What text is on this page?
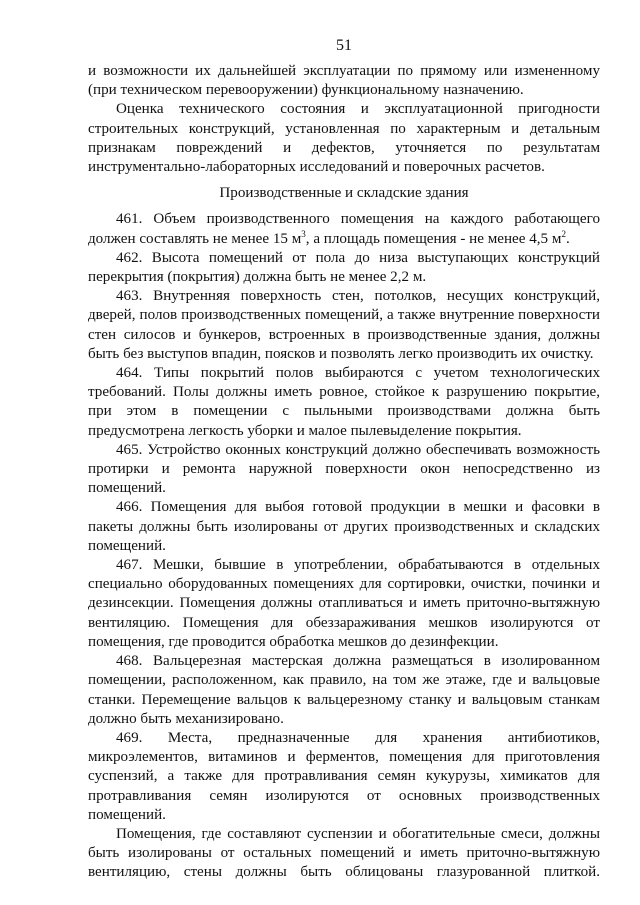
51

и возможности их дальнейшей эксплуатации по прямому или измененному (при техническом перевооружении) функциональному назначению.

Оценка технического состояния и эксплуатационной пригодности строительных конструкций, установленная по характерным и детальным признакам повреждений и дефектов, уточняется по результатам инструментально-лабораторных исследований и поверочных расчетов.

Производственные и складские здания

461. Объем производственного помещения на каждого работающего должен составлять не менее 15 $м^3$, а площадь помещения - не менее 4,5 $м^2$.

462. Высота помещений от пола до низа выступающих конструкций перекрытия (покрытия) должна быть не менее 2,2 м.

463. Внутренняя поверхность стен, потолков, несущих конструкций, дверей, полов производственных помещений, а также внутренние поверхности стен силосов и бункеров, встроенных в производственные здания, должны быть без выступов впадин, поясков и позволять легко производить их очистку.

464. Типы покрытий полов выбираются с учетом технологических требований. Полы должны иметь ровное, стойкое к разрушению покрытие, при этом в помещении с пыльными производствами должна быть предусмотрена легкость уборки и малое пылевыделение покрытия.

465. Устройство оконных конструкций должно обеспечивать возможность протирки и ремонта наружной поверхности окон непосредственно из помещений.

466. Помещения для выбоя готовой продукции в мешки и фасовки в пакеты должны быть изолированы от других производственных и складских помещений.

467. Мешки, бывшие в употреблении, обрабатываются в отдельных специально оборудованных помещениях для сортировки, очистки, починки и дезинсекции. Помещения должны отапливаться и иметь приточно-вытяжную вентиляцию. Помещения для обеззараживания мешков изолируются от помещения, где проводится обработка мешков до дезинфекции.

468. Вальцерезная мастерская должна размещаться в изолированном помещении, расположенном, как правило, на том же этаже, где и вальцовые станки. Перемещение вальцов к вальцерезному станку и вальцовым станкам должно быть механизировано.

469. Места, предназначенные для хранения антибиотиков, микроэлементов, витаминов и ферментов, помещения для приготовления суспензий, а также для протравливания семян кукурузы, химикатов для протравливания семян изолируются от основных производственных помещений.

Помещения, где составляют суспензии и обогатительные смеси, должны быть изолированы от остальных помещений и иметь приточно-вытяжную вентиляцию, стены должны быть облицованы глазурованной плиткой.
